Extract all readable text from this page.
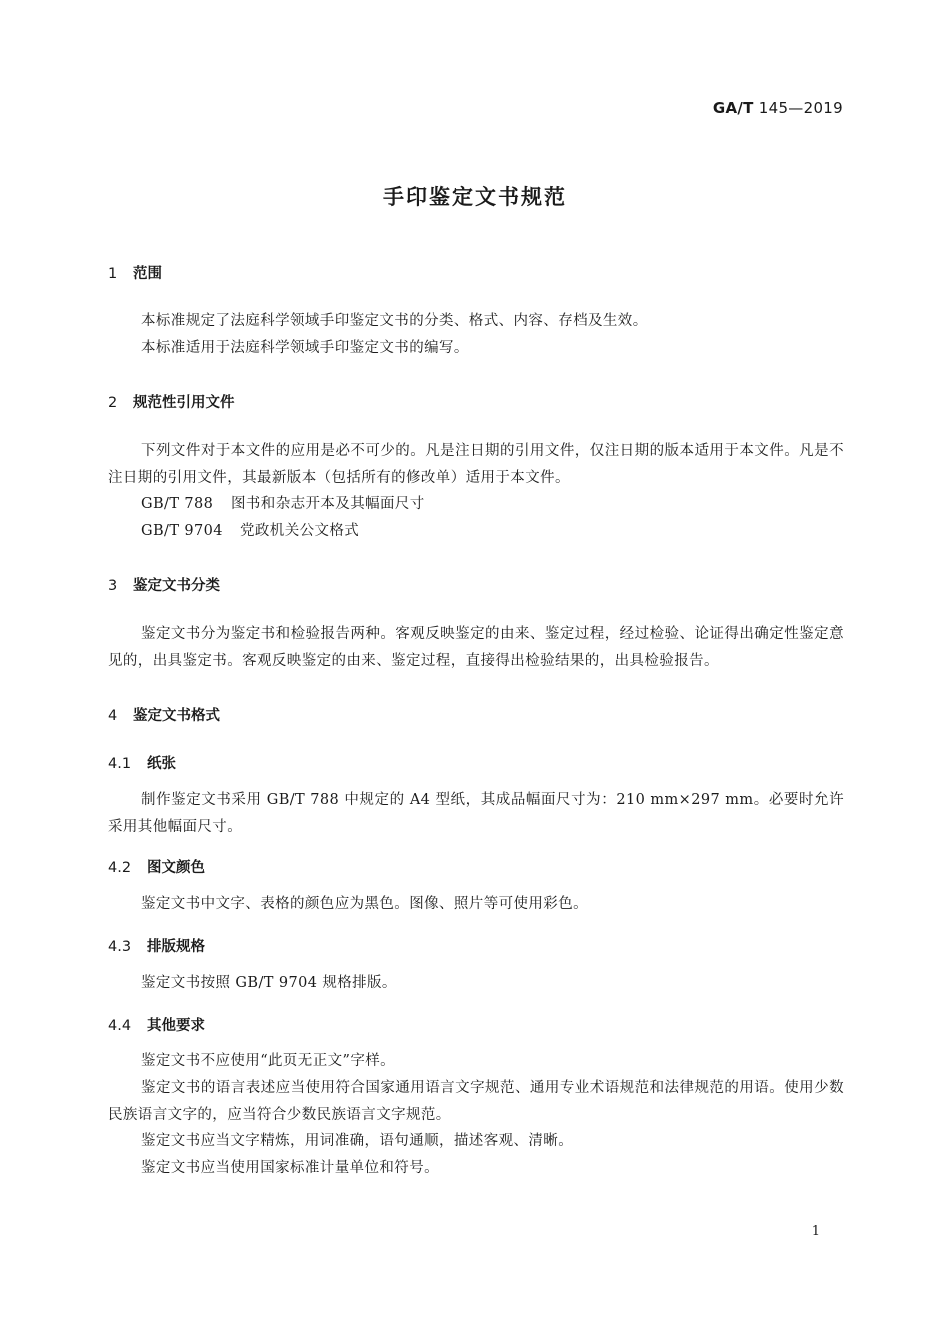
GA/T 145—2019
手印鉴定文书规范
1 范围
本标准规定了法庭科学领域手印鉴定文书的分类、格式、内容、存档及生效。
本标准适用于法庭科学领域手印鉴定文书的编写。
2 规范性引用文件
下列文件对于本文件的应用是必不可少的。凡是注日期的引用文件，仅注日期的版本适用于本文件。凡是不注日期的引用文件，其最新版本（包括所有的修改单）适用于本文件。
GB/T 788 图书和杂志开本及其幅面尺寸
GB/T 9704 党政机关公文格式
3 鉴定文书分类
鉴定文书分为鉴定书和检验报告两种。客观反映鉴定的由来、鉴定过程，经过检验、论证得出确定性鉴定意见的，出具鉴定书。客观反映鉴定的由来、鉴定过程，直接得出检验结果的，出具检验报告。
4 鉴定文书格式
4.1 纸张
制作鉴定文书采用 GB/T 788 中规定的 A4 型纸，其成品幅面尺寸为：210 mm×297 mm。必要时允许采用其他幅面尺寸。
4.2 图文颜色
鉴定文书中文字、表格的颜色应为黑色。图像、照片等可使用彩色。
4.3 排版规格
鉴定文书按照 GB/T 9704 规格排版。
4.4 其他要求
鉴定文书不应使用“此页无正文”字样。
鉴定文书的语言表述应当使用符合国家通用语言文字规范、通用专业术语规范和法律规范的用语。使用少数民族语言文字的，应当符合少数民族语言文字规范。
鉴定文书应当文字精炼，用词准确，语句通顺，描述客观、清晰。
鉴定文书应当使用国家标准计量单位和符号。
1
